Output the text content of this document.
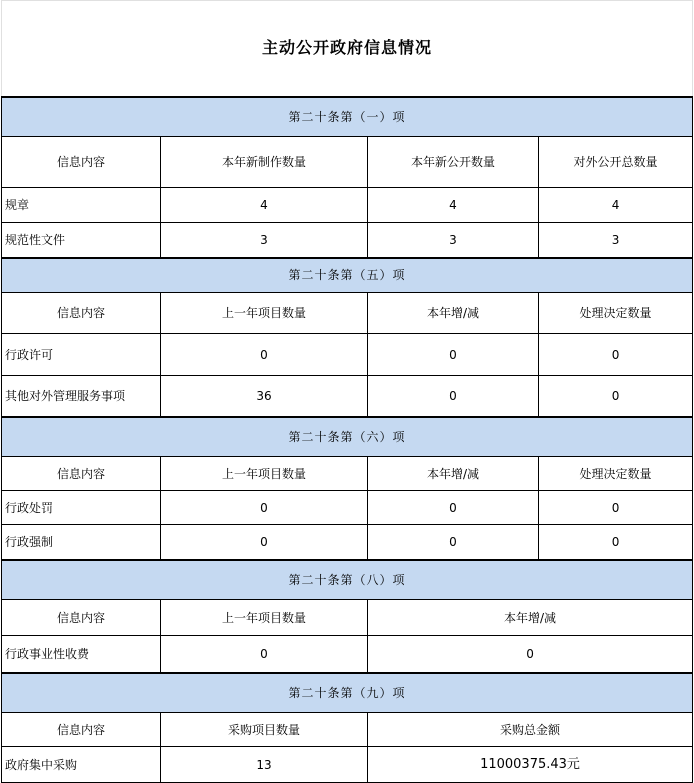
主动公开政府信息情况			
第二十条第（一）项			
信息内容	本年新制作数量	本年新公开数量	对外公开总数量
规章	4	4	4
规范性文件	3	3	3
第二十条第（五）项			
信息内容	上一年项目数量	本年增/减	处理决定数量
行政许可	0	0	0
其他对外管理服务事项	36	0	0
第二十条第（六）项			
信息内容	上一年项目数量	本年增/减	处理决定数量
行政处罚	0	0	0
行政强制	0	0	0
第二十条第（八）项			
信息内容	上一年项目数量	本年增/减	
行政事业性收费	0	0	
第二十条第（九）项			
信息内容	采购项目数量	采购总金额	
政府集中采购	13	11000375.43元	
